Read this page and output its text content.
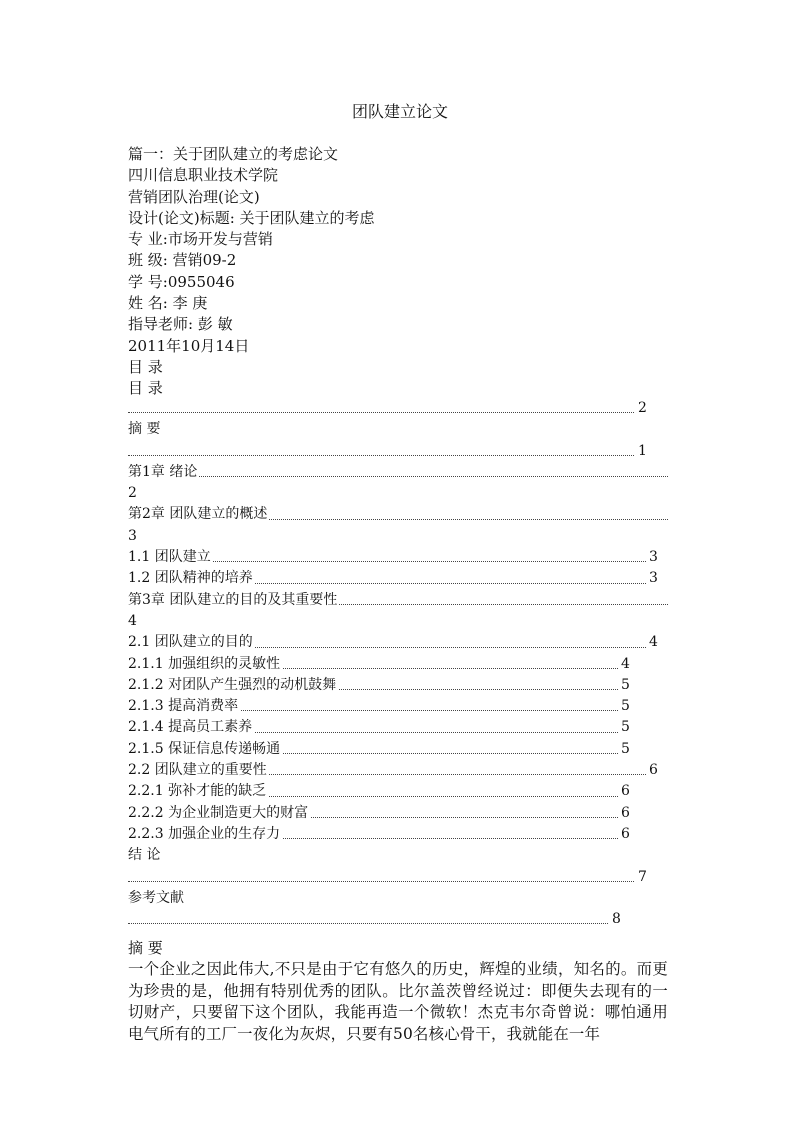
团队建立论文
篇一：关于团队建立的考虑论文
四川信息职业技术学院
营销团队治理(论文)
设计(论文)标题: 关于团队建立的考虑
专 业:市场开发与营销
班 级: 营销09-2
学 号:0955046
姓 名: 李 庚
指导老师: 彭 敏
2011年10月14日
目 录
目 录
2
摘 要
1
第1章 绪论
2
第2章 团队建立的概述
3
1.1 团队建立	3
1.2 团队精神的培养	3
第3章 团队建立的目的及其重要性
4
2.1 团队建立的目的	4
2.1.1 加强组织的灵敏性	4
2.1.2 对团队产生强烈的动机鼓舞	5
2.1.3 提高消费率	5
2.1.4 提高员工素养	5
2.1.5 保证信息传递畅通	5
2.2 团队建立的重要性	6
2.2.1 弥补才能的缺乏	6
2.2.2 为企业制造更大的财富	6
2.2.3 加强企业的生存力	6
结 论
7
参考文献
8
摘 要
一个企业之因此伟大,不只是由于它有悠久的历史，辉煌的业绩，知名的。而更为珍贵的是，他拥有特别优秀的团队。比尔盖茨曾经说过：即便失去现有的一切财产，只要留下这个团队，我能再造一个微软！杰克韦尔奇曾说：哪怕通用电气所有的工厂一夜化为灰烬，只要有50名核心骨干，我就能在一年
